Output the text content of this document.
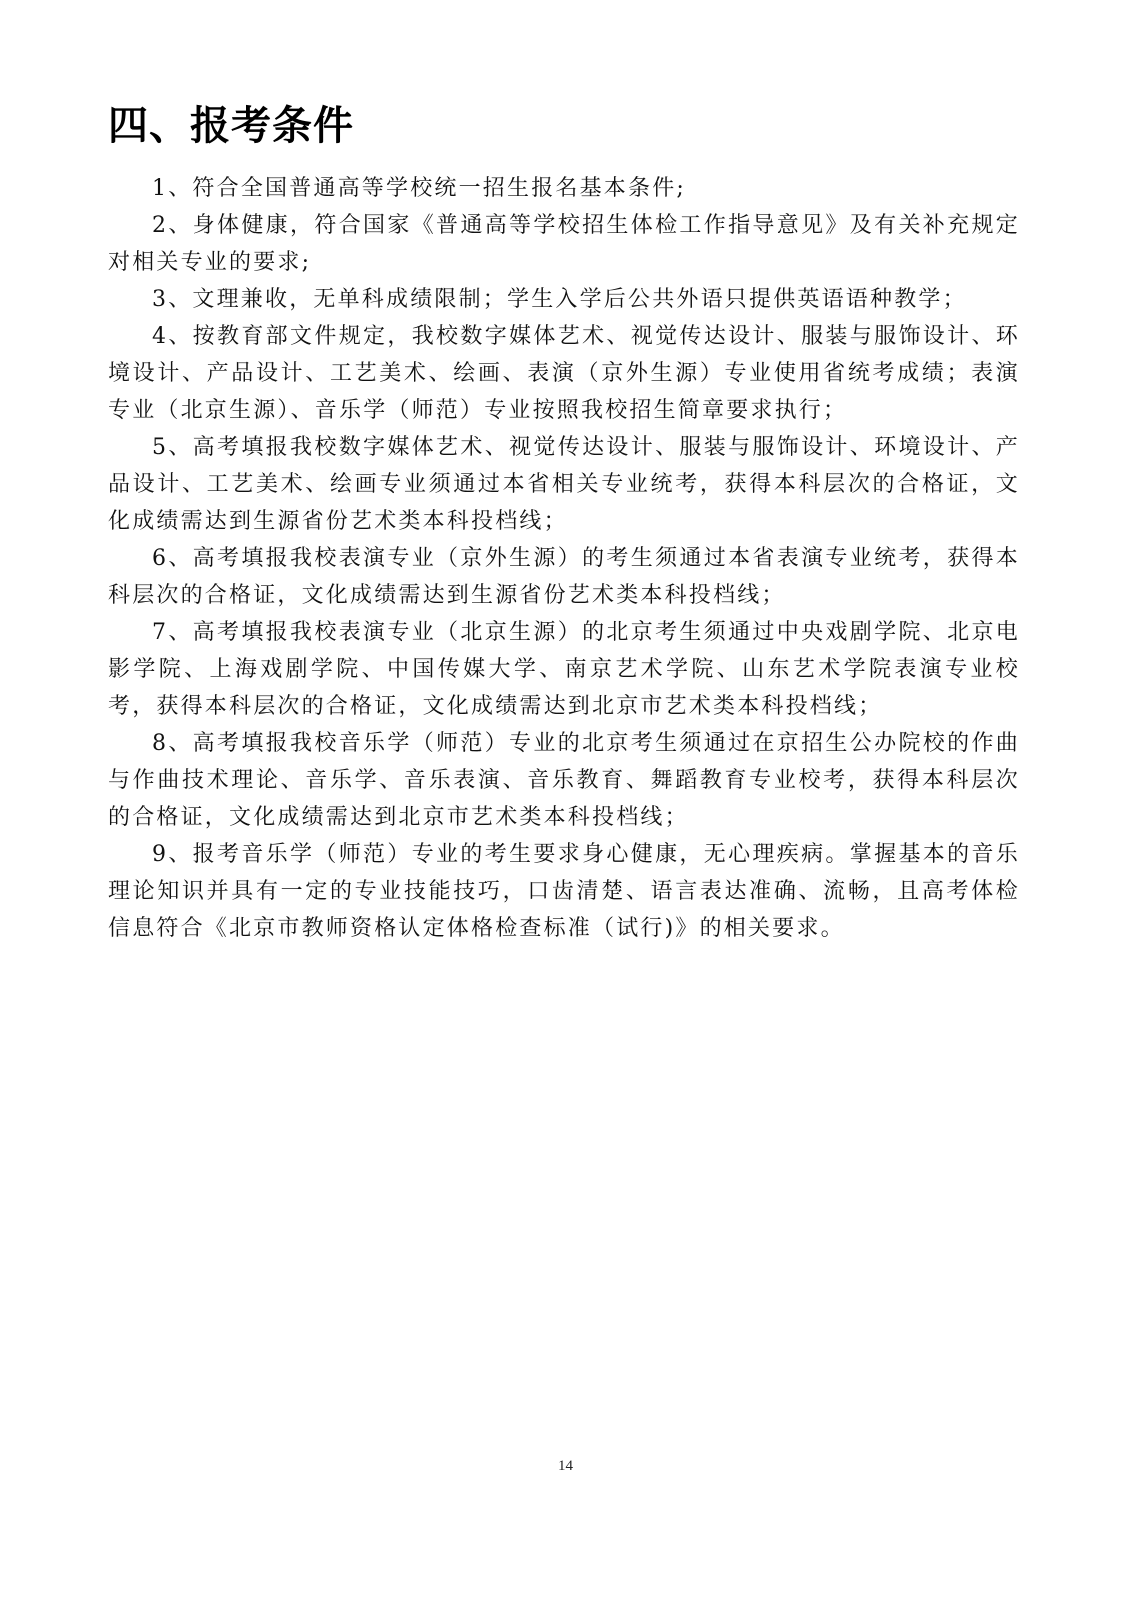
四、报考条件

1、符合全国普通高等学校统一招生报名基本条件;

2、身体健康，符合国家《普通高等学校招生体检工作指导意见》及有关补充规定对相关专业的要求;

3、文理兼收，无单科成绩限制；学生入学后公共外语只提供英语语种教学；

4、按教育部文件规定，我校数字媒体艺术、视觉传达设计、服装与服饰设计、环境设计、产品设计、工艺美术、绘画、表演（京外生源）专业使用省统考成绩；表演专业（北京生源）、音乐学（师范）专业按照我校招生简章要求执行；

5、高考填报我校数字媒体艺术、视觉传达设计、服装与服饰设计、环境设计、产品设计、工艺美术、绘画专业须通过本省相关专业统考，获得本科层次的合格证，文化成绩需达到生源省份艺术类本科投档线；

6、高考填报我校表演专业（京外生源）的考生须通过本省表演专业统考，获得本科层次的合格证，文化成绩需达到生源省份艺术类本科投档线；

7、高考填报我校表演专业（北京生源）的北京考生须通过中央戏剧学院、北京电影学院、上海戏剧学院、中国传媒大学、南京艺术学院、山东艺术学院表演专业校考，获得本科层次的合格证，文化成绩需达到北京市艺术类本科投档线；

8、高考填报我校音乐学（师范）专业的北京考生须通过在京招生公办院校的作曲与作曲技术理论、音乐学、音乐表演、音乐教育、舞蹈教育专业校考，获得本科层次的合格证，文化成绩需达到北京市艺术类本科投档线；

9、报考音乐学（师范）专业的考生要求身心健康，无心理疾病。掌握基本的音乐理论知识并具有一定的专业技能技巧，口齿清楚、语言表达准确、流畅，且高考体检信息符合《北京市教师资格认定体格检查标准（试行)》的相关要求。

14
